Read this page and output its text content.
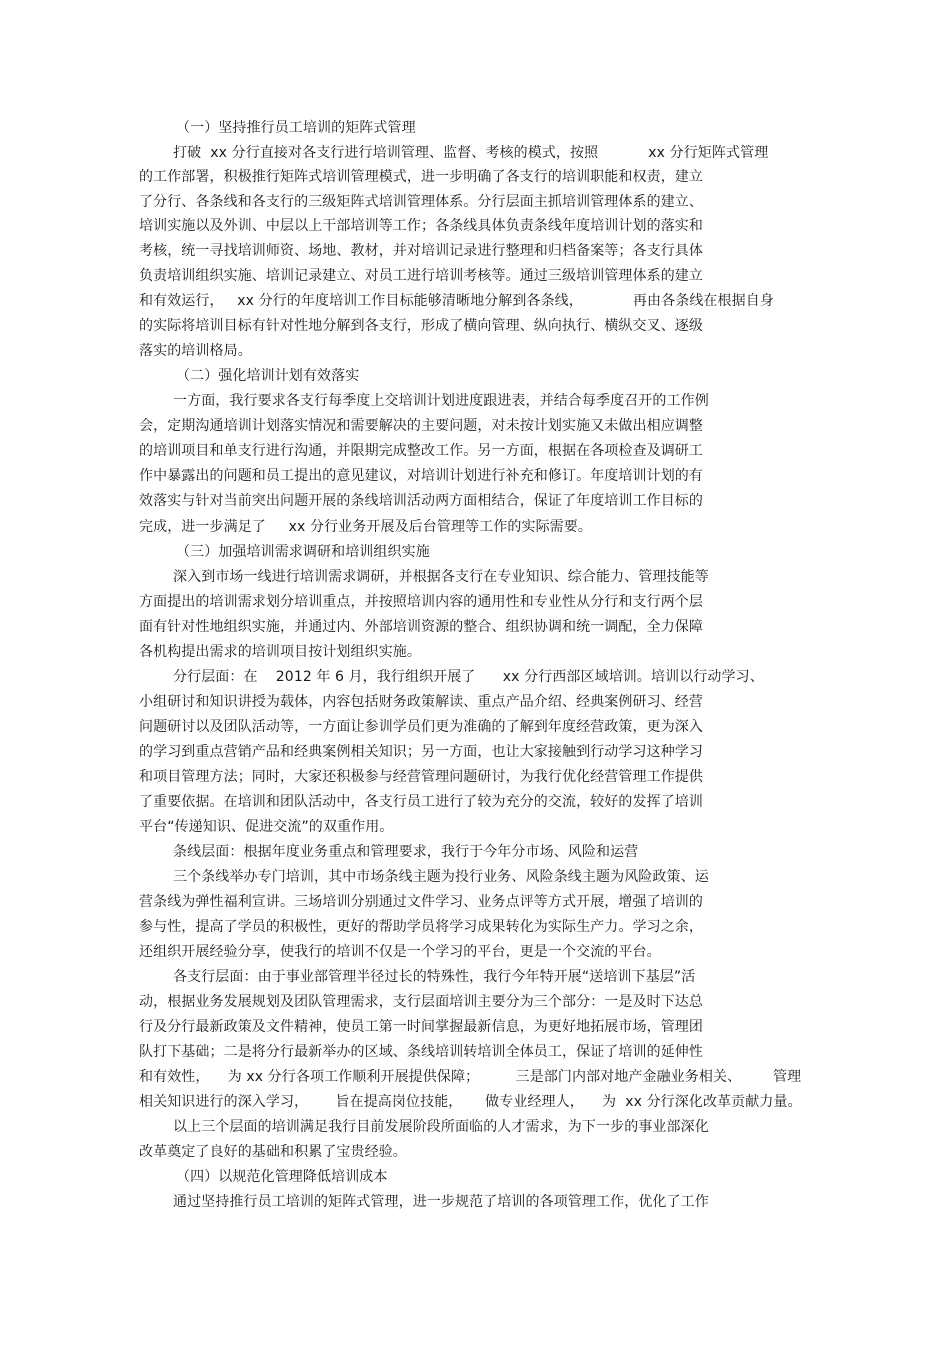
（一）坚持推行员工培训的矩阵式管理
打破  xx 分行直接对各支行进行培训管理、监督、考核的模式，按照           xx 分行矩阵式管理
的工作部署，积极推行矩阵式培训管理模式，进一步明确了各支行的培训职能和权责，建立
了分行、各条线和各支行的三级矩阵式培训管理体系。分行层面主抓培训管理体系的建立、
培训实施以及外训、中层以上干部培训等工作；各条线具体负责条线年度培训计划的落实和
考核，统一寻找培训师资、场地、教材，并对培训记录进行整理和归档备案等；各支行具体
负责培训组织实施、培训记录建立、对员工进行培训考核等。通过三级培训管理体系的建立
和有效运行，   xx 分行的年度培训工作目标能够清晰地分解到各条线，           再由各条线在根据自身
的实际将培训目标有针对性地分解到各支行，形成了横向管理、纵向执行、横纵交叉、逐级
落实的培训格局。
（二）强化培训计划有效落实
一方面，我行要求各支行每季度上交培训计划进度跟进表，并结合每季度召开的工作例
会，定期沟通培训计划落实情况和需要解决的主要问题，对未按计划实施又未做出相应调整
的培训项目和单支行进行沟通，并限期完成整改工作。另一方面，根据在各项检查及调研工
作中暴露出的问题和员工提出的意见建议，对培训计划进行补充和修订。年度培训计划的有
效落实与针对当前突出问题开展的条线培训活动两方面相结合，保证了年度培训工作目标的
完成，进一步满足了     xx 分行业务开展及后台管理等工作的实际需要。
（三）加强培训需求调研和培训组织实施
深入到市场一线进行培训需求调研，并根据各支行在专业知识、综合能力、管理技能等
方面提出的培训需求划分培训重点，并按照培训内容的通用性和专业性从分行和支行两个层
面有针对性地组织实施，并通过内、外部培训资源的整合、组织协调和统一调配，全力保障
各机构提出需求的培训项目按计划组织实施。
分行层面：在    2012 年 6 月，我行组织开展了      xx 分行西部区域培训。培训以行动学习、
小组研讨和知识讲授为载体，内容包括财务政策解读、重点产品介绍、经典案例研习、经营
问题研讨以及团队活动等，一方面让参训学员们更为准确的了解到年度经营政策，更为深入
的学习到重点营销产品和经典案例相关知识；另一方面，也让大家接触到行动学习这种学习
和项目管理方法；同时，大家还积极参与经营管理问题研讨，为我行优化经营管理工作提供
了重要依据。在培训和团队活动中，各支行员工进行了较为充分的交流，较好的发挥了培训
平台“传递知识、促进交流”的双重作用。
条线层面：根据年度业务重点和管理要求，我行于今年分市场、风险和运营
三个条线举办专门培训，其中市场条线主题为投行业务、风险条线主题为风险政策、运
营条线为弹性福利宣讲。三场培训分别通过文件学习、业务点评等方式开展，增强了培训的
参与性，提高了学员的积极性，更好的帮助学员将学习成果转化为实际生产力。学习之余，
还组织开展经验分享，使我行的培训不仅是一个学习的平台，更是一个交流的平台。
各支行层面：由于事业部管理半径过长的特殊性，我行今年特开展“送培训下基层”活
动，根据业务发展规划及团队管理需求，支行层面培训主要分为三个部分：一是及时下达总
行及分行最新政策及文件精神，使员工第一时间掌握最新信息，为更好地拓展市场，管理团
队打下基础；二是将分行最新举办的区域、条线培训转培训全体员工，保证了培训的延伸性
和有效性，    为 xx 分行各项工作顺利开展提供保障；        三是部门内部对地产金融业务相关、       管理
相关知识进行的深入学习，      旨在提高岗位技能，     做专业经理人，    为  xx 分行深化改革贡献力量。
以上三个层面的培训满足我行目前发展阶段所面临的人才需求，为下一步的事业部深化
改革奠定了良好的基础和积累了宝贵经验。
（四）以规范化管理降低培训成本
通过坚持推行员工培训的矩阵式管理，进一步规范了培训的各项管理工作，优化了工作
